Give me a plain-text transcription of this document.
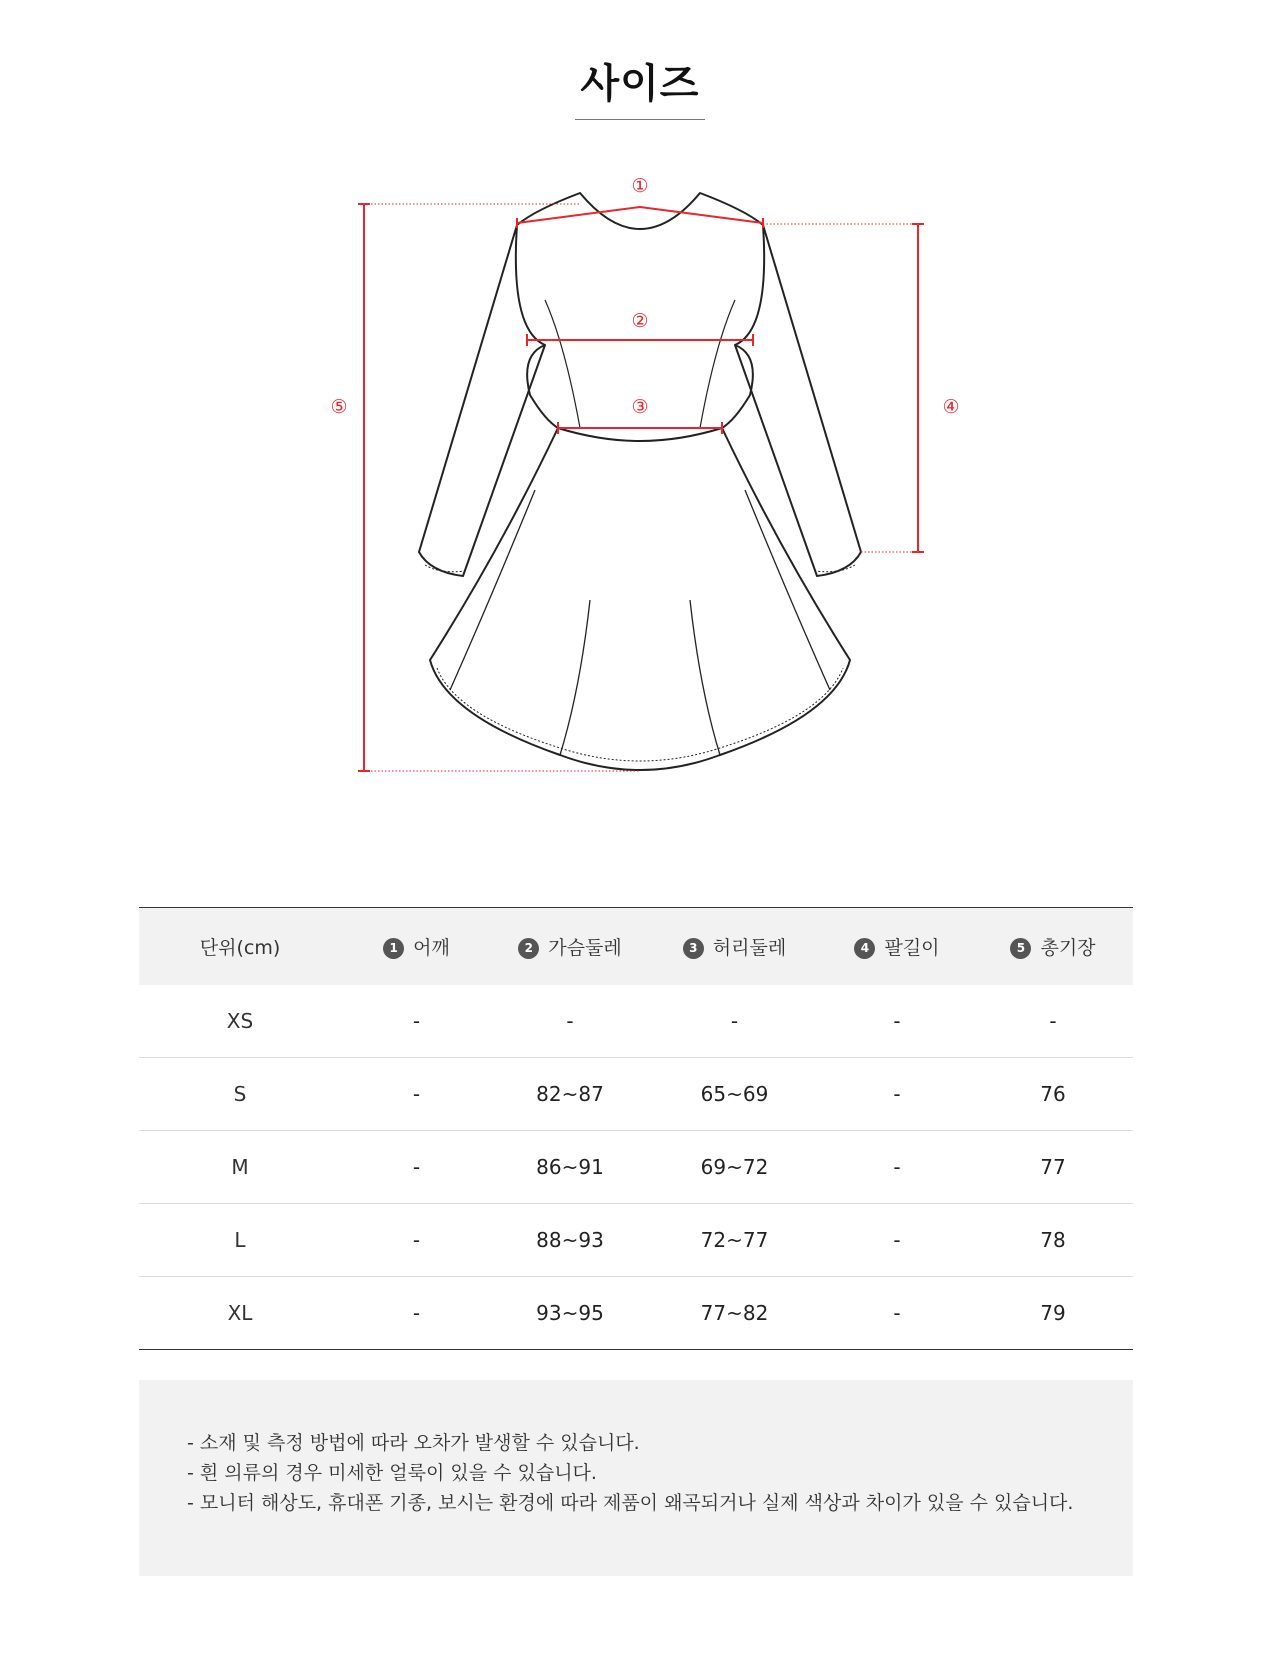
사이즈
①
②
③	④
⑤
단위(cm)	1 어깨	2 가슴둘레	3 허리둘레	4 팔길이	5 총기장
XS	-	-	-	-	-
S	-	82~87	65~69	-	76
M	-	86~91	69~72	-	77
L	-	88~93	72~77	-	78
XL	-	93~95	77~82	-	79

- 소재 및 측정 방법에 따라 오차가 발생할 수 있습니다.

- 흰 의류의 경우 미세한 얼룩이 있을 수 있습니다.

- 모니터 해상도, 휴대폰 기종, 보시는 환경에 따라 제품이 왜곡되거나 실제 색상과 차이가 있을 수 있습니다.
